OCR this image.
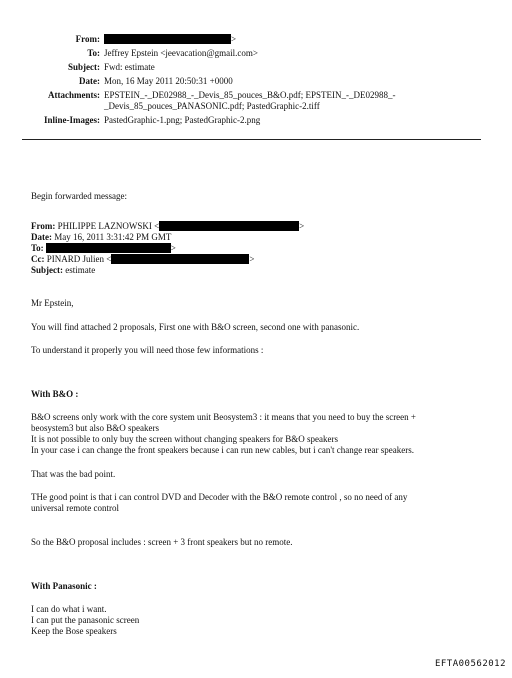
From:	>
To: Jeffrey Epstein <jeevacation@gmail.com>
Subject: Fwd: estimate
Date: Mon, 16 May 2011 20:50:31 +0000
Attachments: EPSTEIN_-_DE02988_-_Devis_85_pouces_B&O.pdf; EPSTEIN_-_DE02988_-
_Devis_85_pouces_PANASONIC.pdf; PastedGraphic-2.tiff
Inline-Images: PastedGraphic-1.png; PastedGraphic-2.png
Begin forwarded message:
From: PHILIPPE LAZNOWSKI <	>
Date: May 16, 2011 3:31:42 PM GMT
To:	>
Cc: PINARD Julien <	>
Subject: estimate
Mr Epstein,
You will find attached 2 proposals, First one with B&O screen, second one with panasonic.
To understand it properly you will need those few informations :
With B&O :
B&O screens only work with the core system unit Beosystem3 : it means that you need to buy the screen +
beosystem3 but also B&O speakers
It is not possible to only buy the screen without changing speakers for B&O speakers
In your case i can change the front speakers because i can run new cables, but i can't change rear speakers.
That was the bad point.
THe good point is that i can control DVD and Decoder with the B&O remote control , so no need of any
universal remote control
So the B&O proposal includes : screen + 3 front speakers but no remote.
With Panasonic :
I can do what i want.
I can put the panasonic screen
Keep the Bose speakers
EFTA00562012
